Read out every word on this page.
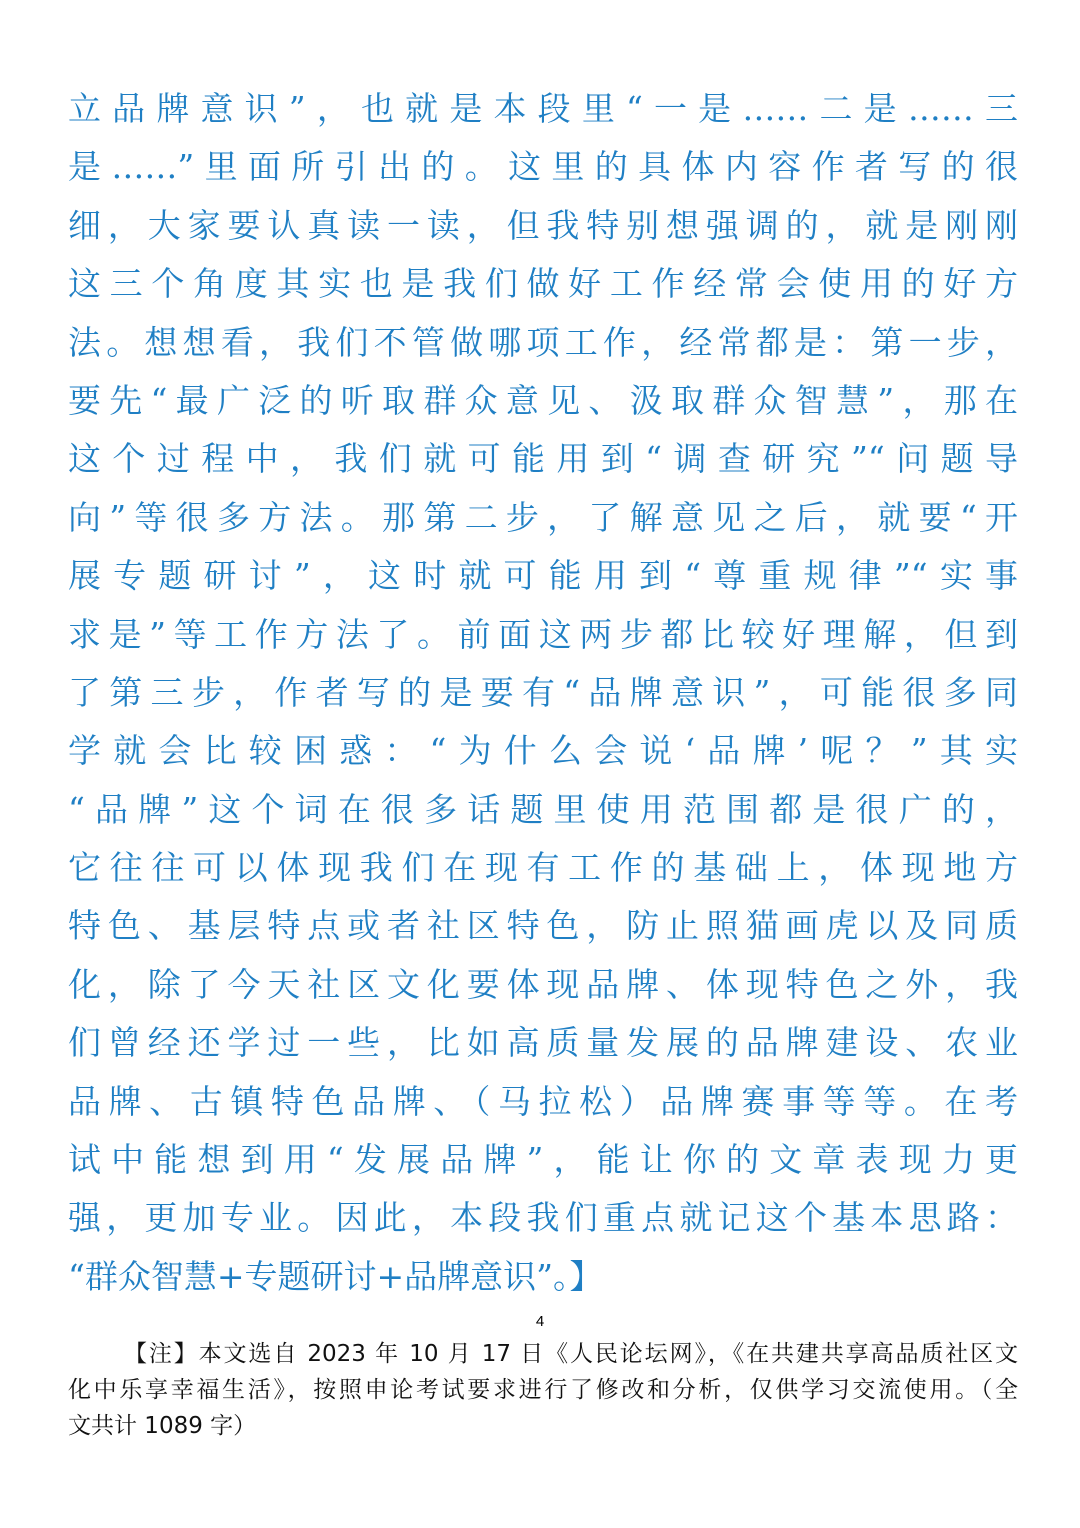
立品牌意识”，也就是本段里“一是……二是……三
是……”里面所引出的。这里的具体内容作者写的很
细，大家要认真读一读，但我特别想强调的，就是刚刚
这三个角度其实也是我们做好工作经常会使用的好方
法。想想看，我们不管做哪项工作，经常都是：第一步，
要先“最广泛的听取群众意见、汲取群众智慧”，那在
这个过程中，我们就可能用到“调查研究”“问题导
向”等很多方法。那第二步，了解意见之后，就要“开
展专题研讨”，这时就可能用到“尊重规律”“实事
求是”等工作方法了。前面这两步都比较好理解，但到
了第三步，作者写的是要有“品牌意识”，可能很多同
学就会比较困惑：“为什么会说‘品牌’呢？”其实
“品牌”这个词在很多话题里使用范围都是很广的，
它往往可以体现我们在现有工作的基础上，体现地方
特色、基层特点或者社区特色，防止照猫画虎以及同质
化，除了今天社区文化要体现品牌、体现特色之外，我
们曾经还学过一些，比如高质量发展的品牌建设、农业
品牌、古镇特色品牌、（马拉松）品牌赛事等等。在考
试中能想到用“发展品牌”，能让你的文章表现力更
强，更加专业。因此，本段我们重点就记这个基本思路：
“群众智慧+专题研讨+品牌意识”。】
4
【注】本文选自 2023 年 10 月 17 日《人民论坛网》，《在共建共享高品质社区文
化中乐享幸福生活》，按照申论考试要求进行了修改和分析，仅供学习交流使用。（全
文共计 1089 字）
